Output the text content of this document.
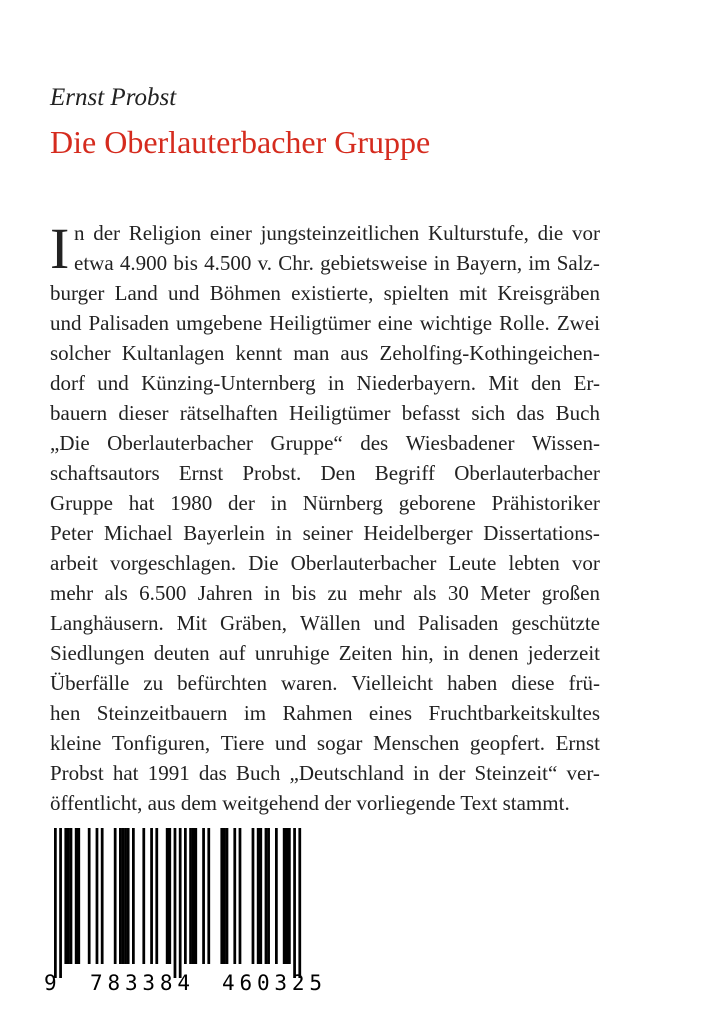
Ernst Probst
Die Oberlauterbacher Gruppe
I n der Religion einer jungsteinzeitlichen Kulturstufe, die vor
etwa 4.900 bis 4.500 v. Chr. gebietsweise in Bayern, im Salz-
burger Land und Böhmen existierte, spielten mit Kreisgräben
und Palisaden umgebene Heiligtümer eine wichtige Rolle. Zwei
solcher Kultanlagen kennt man aus Zeholfing-Kothingeichen-
dorf und Künzing-Unternberg in Niederbayern. Mit den Er-
bauern dieser rätselhaften Heiligtümer befasst sich das Buch
„Die Oberlauterbacher Gruppe“ des Wiesbadener Wissen-
schaftsautors Ernst Probst. Den Begriff Oberlauterbacher
Gruppe hat 1980 der in Nürnberg geborene Prähistoriker
Peter Michael Bayerlein in seiner Heidelberger Dissertations-
arbeit vorgeschlagen. Die Oberlauterbacher Leute lebten vor
mehr als 6.500 Jahren in bis zu mehr als 30 Meter großen
Langhäusern. Mit Gräben, Wällen und Palisaden geschützte
Siedlungen deuten auf unruhige Zeiten hin, in denen jederzeit
Überfälle zu befürchten waren. Vielleicht haben diese frü-
hen Steinzeitbauern im Rahmen eines Fruchtbarkeitskultes
kleine Tonfiguren, Tiere und sogar Menschen geopfert. Ernst
Probst hat 1991 das Buch „Deutschland in der Steinzeit“ ver-
öffentlicht, aus dem weitgehend der vorliegende Text stammt.
9 783384 460325
